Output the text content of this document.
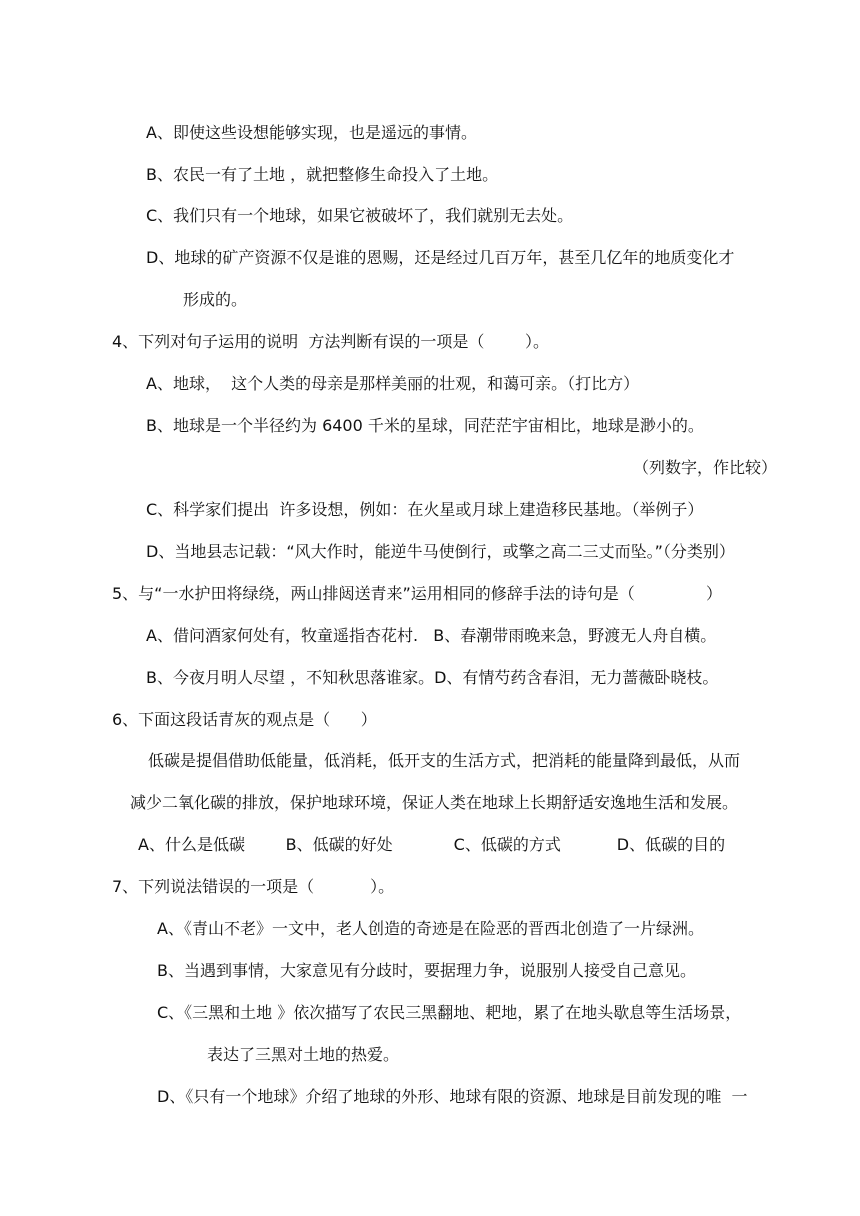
A、即使这些设想能够实现，也是遥远的事情。
B、农民一有了土地 ，就把整修生命投入了土地。
C、我们只有一个地球，如果它被破坏了，我们就别无去处。
D、地球的矿产资源不仅是谁的恩赐，还是经过几百万年，甚至几亿年的地质变化才
形成的。
4、下列对句子运用的说明  方法判断有误的一项是（        ）。
A、地球，  这个人类的母亲是那样美丽的壮观，和蔼可亲。（打比方）
B、地球是一个半径约为 6400 千米的星球，同茫茫宇宙相比，地球是渺小的。
（列数字，作比较）
C、科学家们提出  许多设想，例如：在火星或月球上建造移民基地。（举例子）
D、当地县志记载：“风大作时，能逆牛马使倒行，或擎之高二三丈而坠。”（分类别）
5、与“一水护田将绿绕，两山排闼送青来”运用相同的修辞手法的诗句是（              ）
A、借问酒家何处有，牧童遥指杏花村.   B、春潮带雨晚来急，野渡无人舟自横。
B、今夜月明人尽望 ，不知秋思落谁家。D、有情芍药含春泪，无力蔷薇卧晓枝。
6、下面这段话青灰的观点是（      ）
低碳是提倡借助低能量，低消耗，低开支的生活方式，把消耗的能量降到最低，从而
减少二氧化碳的排放，保护地球环境，保证人类在地球上长期舒适安逸地生活和发展。
A、什么是低碳        B、低碳的好处            C、低碳的方式           D、低碳的目的
7、下列说法错误的一项是（           ）。
A、《青山不老》一文中，老人创造的奇迹是在险恶的晋西北创造了一片绿洲。
B、当遇到事情，大家意见有分歧时，要据理力争，说服别人接受自己意见。
C、《三黑和土地 》依次描写了农民三黑翻地、耙地，累了在地头歇息等生活场景，
表达了三黑对土地的热爱。
D、《只有一个地球》介绍了地球的外形、地球有限的资源、地球是目前发现的唯  一
